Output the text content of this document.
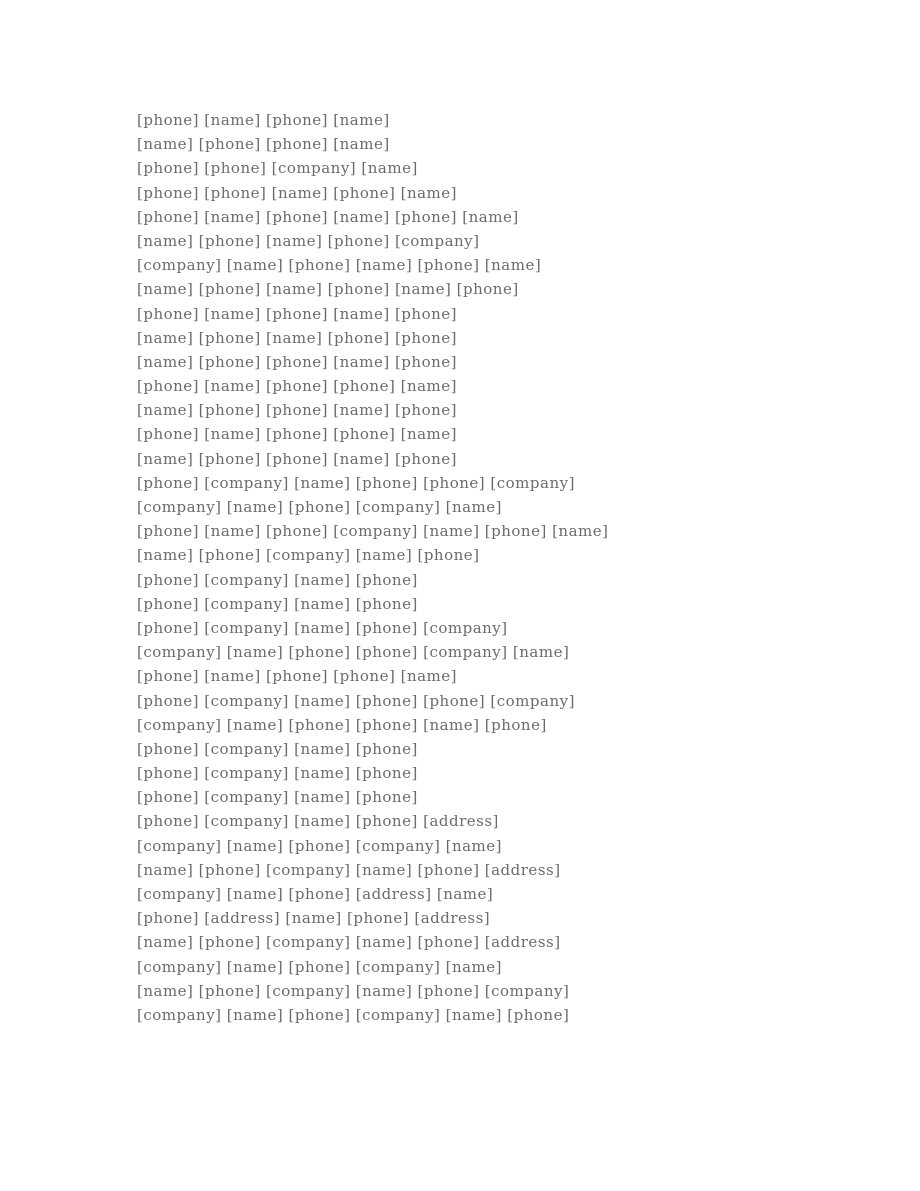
[phone] [name] [phone] [name]
[name] [phone] [phone] [name]
[phone] [phone] [company] [name]
[phone] [phone] [name] [phone] [name]
[phone] [name] [phone] [name] [phone] [name]
[name] [phone] [name] [phone] [company]
[company] [name] [phone] [name] [phone] [name]
[name] [phone] [name] [phone] [name] [phone]
[phone] [name] [phone] [name] [phone]
[name] [phone] [name] [phone] [phone]
[name] [phone] [phone] [name] [phone]
[phone] [name] [phone] [phone] [name]
[name] [phone] [phone] [name] [phone]
[phone] [name] [phone] [phone] [name]
[name] [phone] [phone] [name] [phone]
[phone] [company] [name] [phone] [phone] [company]
[company] [name] [phone] [company] [name]
[phone] [name] [phone] [company] [name] [phone] [name]
[name] [phone] [company] [name] [phone]
[phone] [company] [name] [phone]
[phone] [company] [name] [phone]
[phone] [company] [name] [phone] [company]
[company] [name] [phone] [phone] [company] [name]
[phone] [name] [phone] [phone] [name]
[phone] [company] [name] [phone] [phone] [company]
[company] [name] [phone] [phone] [name] [phone]
[phone] [company] [name] [phone]
[phone] [company] [name] [phone]
[phone] [company] [name] [phone]
[phone] [company] [name] [phone] [address]
[company] [name] [phone] [company] [name]
[name] [phone] [company] [name] [phone] [address]
[company] [name] [phone] [address] [name]
[phone] [address] [name] [phone] [address]
[name] [phone] [company] [name] [phone] [address]
[company] [name] [phone] [company] [name]
[name] [phone] [company] [name] [phone] [company]
[company] [name] [phone] [company] [name] [phone]
